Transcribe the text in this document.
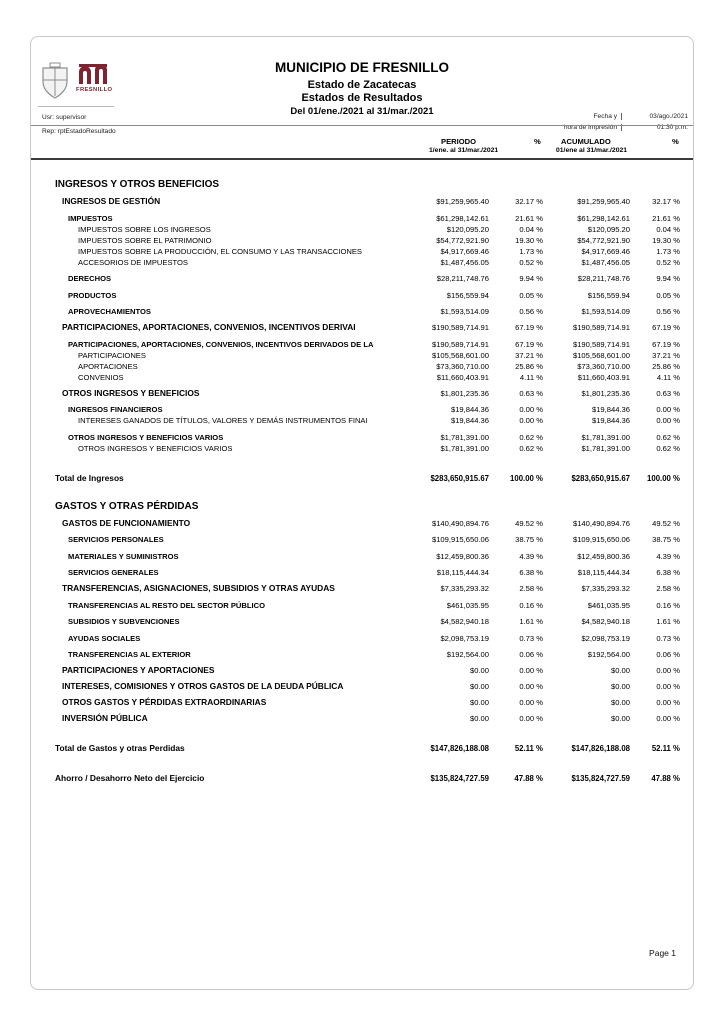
FRESNILLO
MUNICIPIO DE FRESNILLO
Estado de Zacatecas
Estados de Resultados
Del 01/ene./2021 al 31/mar./2021
Usr: supervisor
Rep: rptEstadoResultado
Fecha y	03/ago./2021
hora de Impresión	01:30 p.m.
PERIODO
1/ene. al 31/mar./2021
%	ACUMULADO
01/ene al 31/mar./2021
%
INGRESOS Y OTROS BENEFICIOS
INGRESOS DE GESTIÓN	$91,259,965.40	32.17 %	$91,259,965.40	32.17 %
IMPUESTOS	$61,298,142.61	21.61 %	$61,298,142.61	21.61 %
IMPUESTOS SOBRE LOS INGRESOS	$120,095.20	0.04 %	$120,095.20	0.04 %
IMPUESTOS SOBRE EL PATRIMONIO	$54,772,921.90	19.30 %	$54,772,921.90	19.30 %
IMPUESTOS SOBRE LA PRODUCCIÓN, EL CONSUMO Y LAS TRANSACCIONES	$4,917,669.46	1.73 %	$4,917,669.46	1.73 %
ACCESORIOS DE IMPUESTOS	$1,487,456.05	0.52 %	$1,487,456.05	0.52 %
DERECHOS	$28,211,748.76	9.94 %	$28,211,748.76	9.94 %
PRODUCTOS	$156,559.94	0.05 %	$156,559.94	0.05 %
APROVECHAMIENTOS	$1,593,514.09	0.56 %	$1,593,514.09	0.56 %
PARTICIPACIONES, APORTACIONES, CONVENIOS, INCENTIVOS DERIVAI	$190,589,714.91	67.19 %	$190,589,714.91	67.19 %
PARTICIPACIONES, APORTACIONES, CONVENIOS, INCENTIVOS DERIVADOS DE LA	$190,589,714.91	67.19 %	$190,589,714.91	67.19 %
PARTICIPACIONES	$105,568,601.00	37.21 %	$105,568,601.00	37.21 %
APORTACIONES	$73,360,710.00	25.86 %	$73,360,710.00	25.86 %
CONVENIOS	$11,660,403.91	4.11 %	$11,660,403.91	4.11 %
OTROS INGRESOS Y BENEFICIOS	$1,801,235.36	0.63 %	$1,801,235.36	0.63 %
INGRESOS FINANCIEROS	$19,844.36	0.00 %	$19,844.36	0.00 %
INTERESES GANADOS DE TÍTULOS, VALORES Y DEMÁS INSTRUMENTOS FINAI	$19,844.36	0.00 %	$19,844.36	0.00 %
OTROS INGRESOS Y BENEFICIOS VARIOS	$1,781,391.00	0.62 %	$1,781,391.00	0.62 %
OTROS INGRESOS Y BENEFICIOS VARIOS	$1,781,391.00	0.62 %	$1,781,391.00	0.62 %
Total de Ingresos	$283,650,915.67	100.00 %	$283,650,915.67	100.00 %
GASTOS Y OTRAS PÉRDIDAS
GASTOS DE FUNCIONAMIENTO	$140,490,894.76	49.52 %	$140,490,894.76	49.52 %
SERVICIOS PERSONALES	$109,915,650.06	38.75 %	$109,915,650.06	38.75 %
MATERIALES Y SUMINISTROS	$12,459,800.36	4.39 %	$12,459,800.36	4.39 %
SERVICIOS GENERALES	$18,115,444.34	6.38 %	$18,115,444.34	6.38 %
TRANSFERENCIAS, ASIGNACIONES, SUBSIDIOS Y OTRAS AYUDAS	$7,335,293.32	2.58 %	$7,335,293.32	2.58 %
TRANSFERENCIAS AL RESTO DEL SECTOR PÚBLICO	$461,035.95	0.16 %	$461,035.95	0.16 %
SUBSIDIOS Y SUBVENCIONES	$4,582,940.18	1.61 %	$4,582,940.18	1.61 %
AYUDAS SOCIALES	$2,098,753.19	0.73 %	$2,098,753.19	0.73 %
TRANSFERENCIAS AL EXTERIOR	$192,564.00	0.06 %	$192,564.00	0.06 %
PARTICIPACIONES Y APORTACIONES	$0.00	0.00 %	$0.00	0.00 %
INTERESES, COMISIONES Y OTROS GASTOS DE LA DEUDA PÚBLICA	$0.00	0.00 %	$0.00	0.00 %
OTROS GASTOS Y PÉRDIDAS EXTRAORDINARIAS	$0.00	0.00 %	$0.00	0.00 %
INVERSIÓN PÚBLICA	$0.00	0.00 %	$0.00	0.00 %
Total de Gastos y otras Perdidas	$147,826,188.08	52.11 %	$147,826,188.08	52.11 %
Ahorro / Desahorro Neto del Ejercicio	$135,824,727.59	47.88 %	$135,824,727.59	47.88 %
Page 1
